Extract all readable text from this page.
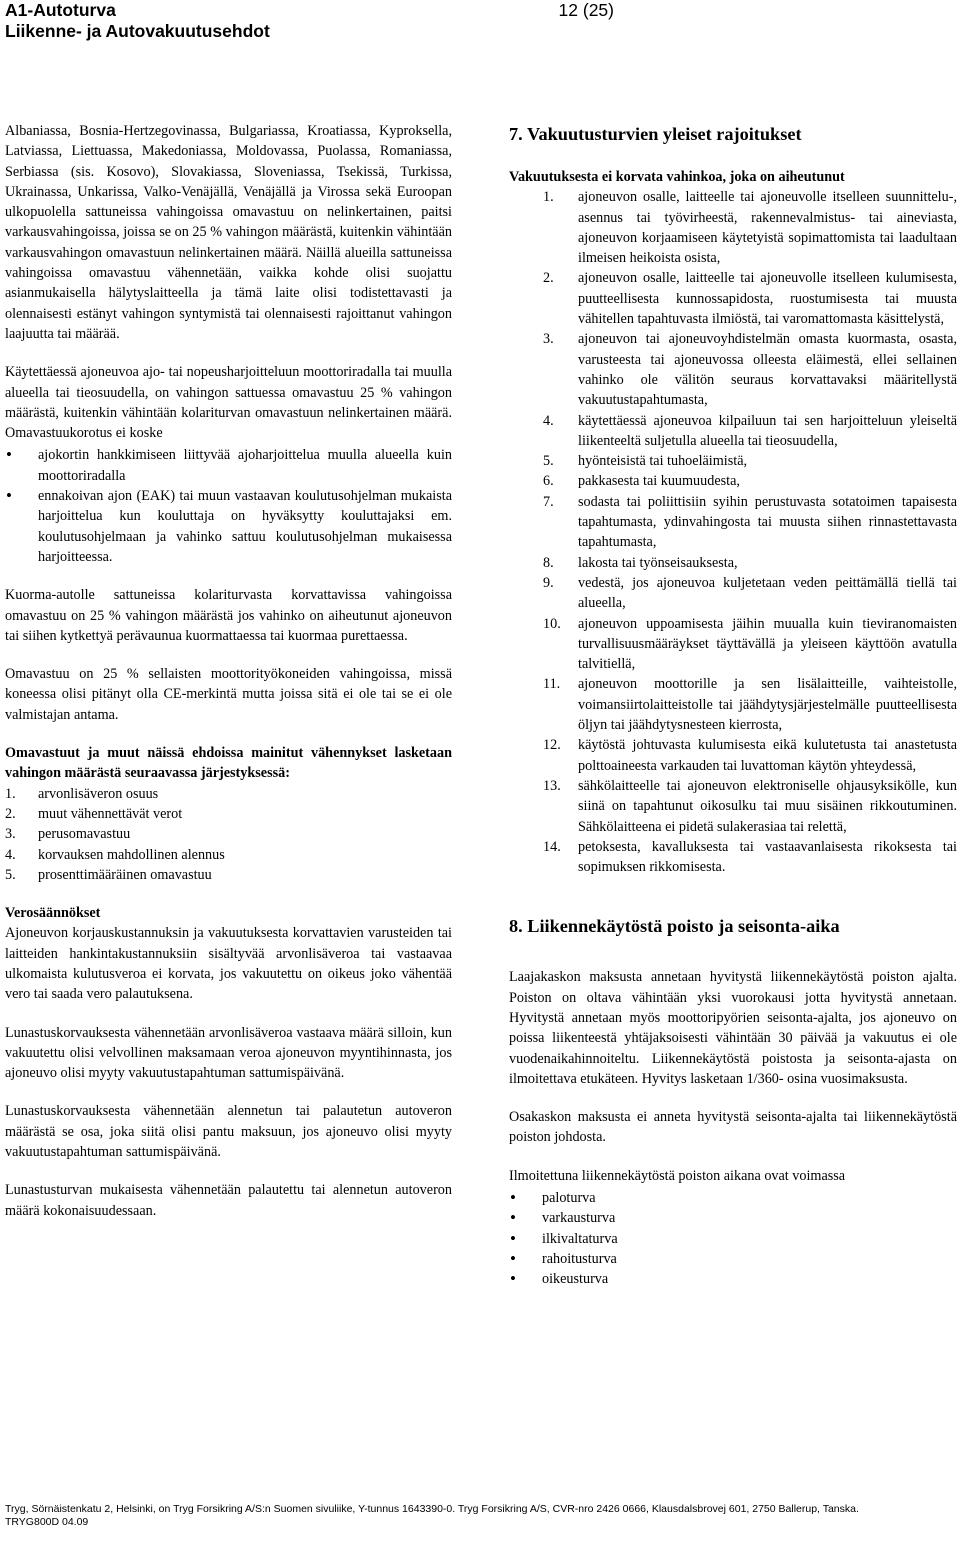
A1-Autoturva
Liikenne- ja Autovakuutusehdot
12 (25)

Albaniassa, Bosnia-Hertzegovinassa, Bulgariassa, Kroatiassa, Kyproksella, Latviassa, Liettuassa, Makedoniassa, Moldovassa, Puolassa, Romaniassa, Serbiassa (sis. Kosovo), Slovakiassa, Sloveniassa, Tsekissä, Turkissa, Ukrainassa, Unkarissa, Valko-Venäjällä, Venäjällä ja Virossa sekä Euroopan ulkopuolella sattuneissa vahingoissa omavastuu on nelinkertainen, paitsi varkausvahingoissa, joissa se on 25 % vahingon määrästä, kuitenkin vähintään varkausvahingon omavastuun nelinkertainen määrä. Näillä alueilla sattuneissa vahingoissa omavastuu vähennetään, vaikka kohde olisi suojattu asianmukaisella hälytyslaitteella ja tämä laite olisi todistettavasti ja olennaisesti estänyt vahingon syntymistä tai olennaisesti rajoittanut vahingon laajuutta tai määrää.

Käytettäessä ajoneuvoa ajo- tai nopeusharjoitteluun moottoriradalla tai muulla alueella tai tieosuudella, on vahingon sattuessa omavastuu 25 % vahingon määrästä, kuitenkin vähintään kolariturvan omavastuun nelinkertainen määrä. Omavastuukorotus ei koske

• ajokortin hankkimiseen liittyvää ajoharjoittelua muulla alueella kuin moottoriradalla
• ennakoivan ajon (EAK) tai muun vastaavan koulutusohjelman mukaista harjoittelua kun kouluttaja on hyväksytty kouluttajaksi em. koulutusohjelmaan ja vahinko sattuu koulutusohjelman mukaisessa harjoitteessa.

Kuorma-autolle sattuneissa kolariturvasta korvattavissa vahingoissa omavastuu on 25 % vahingon määrästä jos vahinko on aiheutunut ajoneuvon tai siihen kytkettyä perävaunua kuormattaessa tai kuormaa purettaessa.

Omavastuu on 25 % sellaisten moottorityökoneiden vahingoissa, missä koneessa olisi pitänyt olla CE-merkintä mutta joissa sitä ei ole tai se ei ole valmistajan antama.

Omavastuut ja muut näissä ehdoissa mainitut vähennykset lasketaan vahingon määrästä seuraavassa järjestyksessä:

1.	arvonlisäveron osuus
2.	muut vähennettävät verot
3.	perusomavastuu
4.	korvauksen mahdollinen alennus
5.	prosenttimääräinen omavastuu
Verosäännökset

Ajoneuvon korjauskustannuksin ja vakuutuksesta korvattavien varusteiden tai laitteiden hankintakustannuksiin sisältyvää arvonlisäveroa tai vastaavaa ulkomaista kulutusveroa ei korvata, jos vakuutettu on oikeus joko vähentää vero tai saada vero palautuksena.

Lunastuskorvauksesta vähennetään arvonlisäveroa vastaava määrä silloin, kun vakuutettu olisi velvollinen maksamaan veroa ajoneuvon myyntihinnasta, jos ajoneuvo olisi myyty vakuutustapahtuman sattumispäivänä.

Lunastuskorvauksesta vähennetään alennetun tai palautetun autoveron määrästä se osa, joka siitä olisi pantu maksuun, jos ajoneuvo olisi myyty vakuutustapahtuman sattumispäivänä.

Lunastusturvan mukaisesta vähennetään palautettu tai alennetun autoveron määrä kokonaisuudessaan.

7. Vakuutusturvien yleiset rajoitukset
Vakuutuksesta ei korvata vahinkoa, joka on aiheutunut
1. ajoneuvon osalle, laitteelle tai ajoneuvolle itselleen suunnittelu-, asennus tai työvirheestä, rakennevalmistus- tai aineviasta, ajoneuvon korjaamiseen käytetyistä sopimattomista tai laadultaan ilmeisen heikoista osista,
2. ajoneuvon osalle, laitteelle tai ajoneuvolle itselleen kulumisesta, puutteellisesta kunnossapidosta, ruostumisesta tai muusta vähitellen tapahtuvasta ilmiöstä, tai varomattomasta käsittelystä,
3. ajoneuvon tai ajoneuvoyhdistelmän omasta kuormasta, osasta, varusteesta tai ajoneuvossa olleesta eläimestä, ellei sellainen vahinko ole välitön seuraus korvattavaksi määritellystä vakuutustapahtumasta,
4. käytettäessä ajoneuvoa kilpailuun tai sen harjoitteluun yleiseltä liikenteeltä suljetulla alueella tai tieosuudella,
5. hyönteisistä tai tuhoeläimistä,
6. pakkasesta tai kuumuudesta,
7. sodasta tai poliittisiin syihin perustuvasta sotatoimen tapaisesta tapahtumasta, ydinvahingosta tai muusta siihen rinnastettavasta tapahtumasta,
8. lakosta tai työnseisauksesta,
9. vedestä, jos ajoneuvoa kuljetetaan veden peittämällä tiellä tai alueella,
10. ajoneuvon uppoamisesta jäihin muualla kuin tieviranomaisten turvallisuusmääräykset täyttävällä ja yleiseen käyttöön avatulla talvitiellä,
11. ajoneuvon moottorille ja sen lisälaitteille, vaihteistolle, voimansiirtolaitteistolle tai jäähdytysjärjestelmälle puutteellisesta öljyn tai jäähdytysnesteen kierrosta,
12. käytöstä johtuvasta kulumisesta eikä kulutetusta tai anastetusta polttoaineesta varkauden tai luvattoman käytön yhteydessä,
13. sähkölaitteelle tai ajoneuvon elektroniselle ohjausyksikölle, kun siinä on tapahtunut oikosulku tai muu sisäinen rikkoutuminen. Sähkölaitteena ei pidetä sulakerasiaa tai relettä,
14. petoksesta, kavalluksesta tai vastaavanlaisesta rikoksesta tai sopimuksen rikkomisesta.
8. Liikennekäytöstä poisto ja seisonta-aika

Laajakaskon maksusta annetaan hyvitystä liikennekäytöstä poiston ajalta. Poiston on oltava vähintään yksi vuorokausi jotta hyvitystä annetaan. Hyvitystä annetaan myös moottoripyörien seisonta-ajalta, jos ajoneuvo on poissa liikenteestä yhtäjaksoisesti vähintään 30 päivää ja vakuutus ei ole vuodenaikahinnoiteltu. Liikennekäytöstä poistosta ja seisonta-ajasta on ilmoitettava etukäteen. Hyvitys lasketaan 1/360- osina vuosimaksusta.

Osakaskon maksusta ei anneta hyvitystä seisonta-ajalta tai liikennekäytöstä poiston johdosta.

Ilmoitettuna liikennekäytöstä poiston aikana ovat voimassa

• paloturva
• varkausturva
• ilkivaltaturva
• rahoitusturva
• oikeusturva
Tryg, Sörnäistenkatu 2, Helsinki, on Tryg Forsikring A/S:n Suomen sivuliike, Y-tunnus 1643390-0. Tryg Forsikring A/S, CVR-nro 2426 0666, Klausdalsbrovej 601, 2750 Ballerup, Tanska.
TRYG800D 04.09
